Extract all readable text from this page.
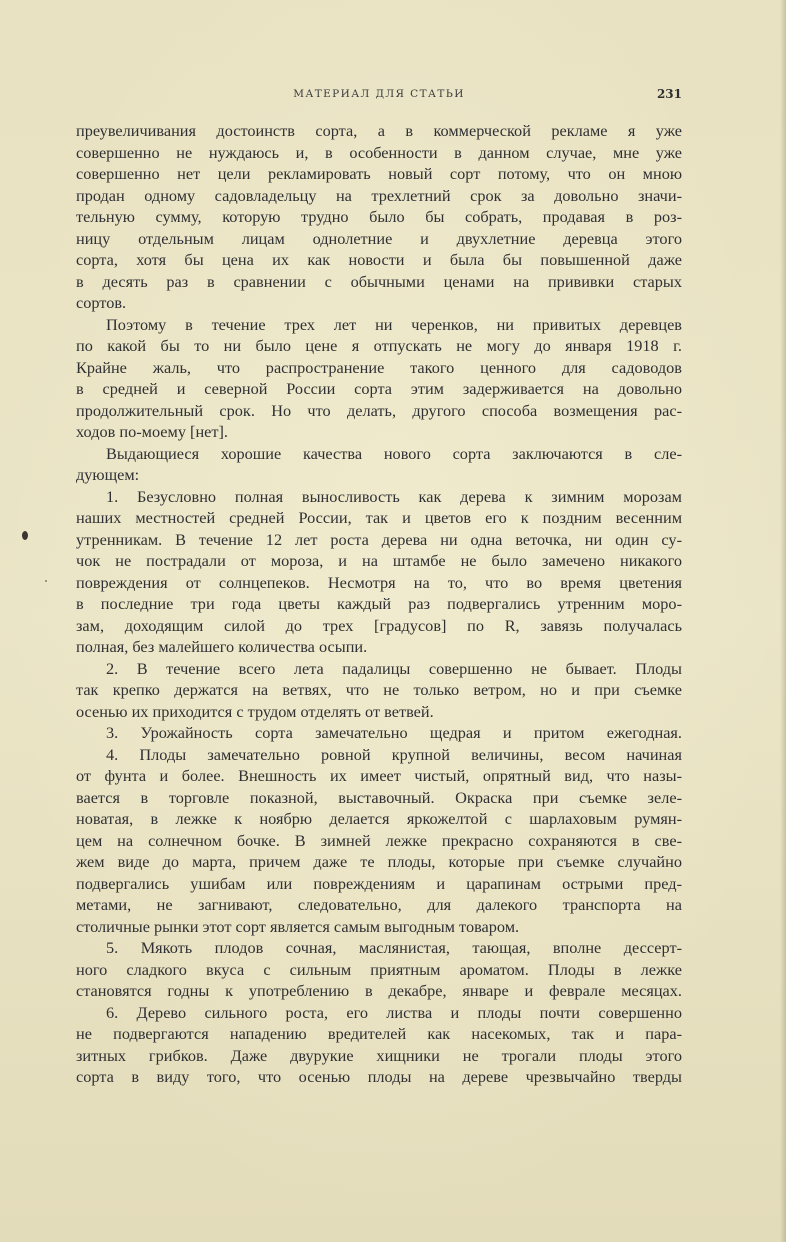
МАТЕРИАЛ ДЛЯ СТАТЬИ	231
преувеличивания достоинств сорта, а в коммерческой рекламе я уже
совершенно не нуждаюсь и, в особенности в данном случае, мне уже
совершенно нет цели рекламировать новый сорт потому, что он мною
продан одному садовладельцу на трехлетний срок за довольно значи-
тельную сумму, которую трудно было бы собрать, продавая в роз-
ницу отдельным лицам однолетние и двухлетние деревца этого
сорта, хотя бы цена их как новости и была бы повышенной даже
в десять раз в сравнении с обычными ценами на прививки старых
сортов.
Поэтому в течение трех лет ни черенков, ни привитых деревцев
по какой бы то ни было цене я отпускать не могу до января 1918 г.
Крайне жаль, что распространение такого ценного для садоводов
в средней и северной России сорта этим задерживается на довольно
продолжительный срок. Но что делать, другого способа возмещения рас-
ходов по-моему [нет].
Выдающиеся хорошие качества нового сорта заключаются в сле-
дующем:
1. Безусловно полная выносливость как дерева к зимним морозам
наших местностей средней России, так и цветов его к поздним весенним
утренникам. В течение 12 лет роста дерева ни одна веточка, ни один су-
чок не пострадали от мороза, и на штамбе не было замечено никакого
повреждения от солнцепеков. Несмотря на то, что во время цветения
в последние три года цветы каждый раз подвергались утренним моро-
зам, доходящим силой до трех [градусов] по R, завязь получалась
полная, без малейшего количества осыпи.
2. В течение всего лета падалицы совершенно не бывает. Плоды
так крепко держатся на ветвях, что не только ветром, но и при съемке
осенью их приходится с трудом отделять от ветвей.
3. Урожайность сорта замечательно щедрая и притом ежегодная.
4. Плоды замечательно ровной крупной величины, весом начиная
от фунта и более. Внешность их имеет чистый, опрятный вид, что назы-
вается в торговле показной, выставочный. Окраска при съемке зеле-
новатая, в лежке к ноябрю делается яркожелтой с шарлаховым румян-
цем на солнечном бочке. В зимней лежке прекрасно сохраняются в све-
жем виде до марта, причем даже те плоды, которые при съемке случайно
подвергались ушибам или повреждениям и царапинам острыми пред-
метами, не загнивают, следовательно, для далекого транспорта на
столичные рынки этот сорт является самым выгодным товаром.
5. Мякоть плодов сочная, маслянистая, тающая, вполне дессерт-
ного сладкого вкуса с сильным приятным ароматом. Плоды в лежке
становятся годны к употреблению в декабре, январе и феврале месяцах.
6. Дерево сильного роста, его листва и плоды почти совершенно
не подвергаются нападению вредителей как насекомых, так и пара-
зитных грибков. Даже двурукие хищники не трогали плоды этого
сорта в виду того, что осенью плоды на дереве чрезвычайно тверды
